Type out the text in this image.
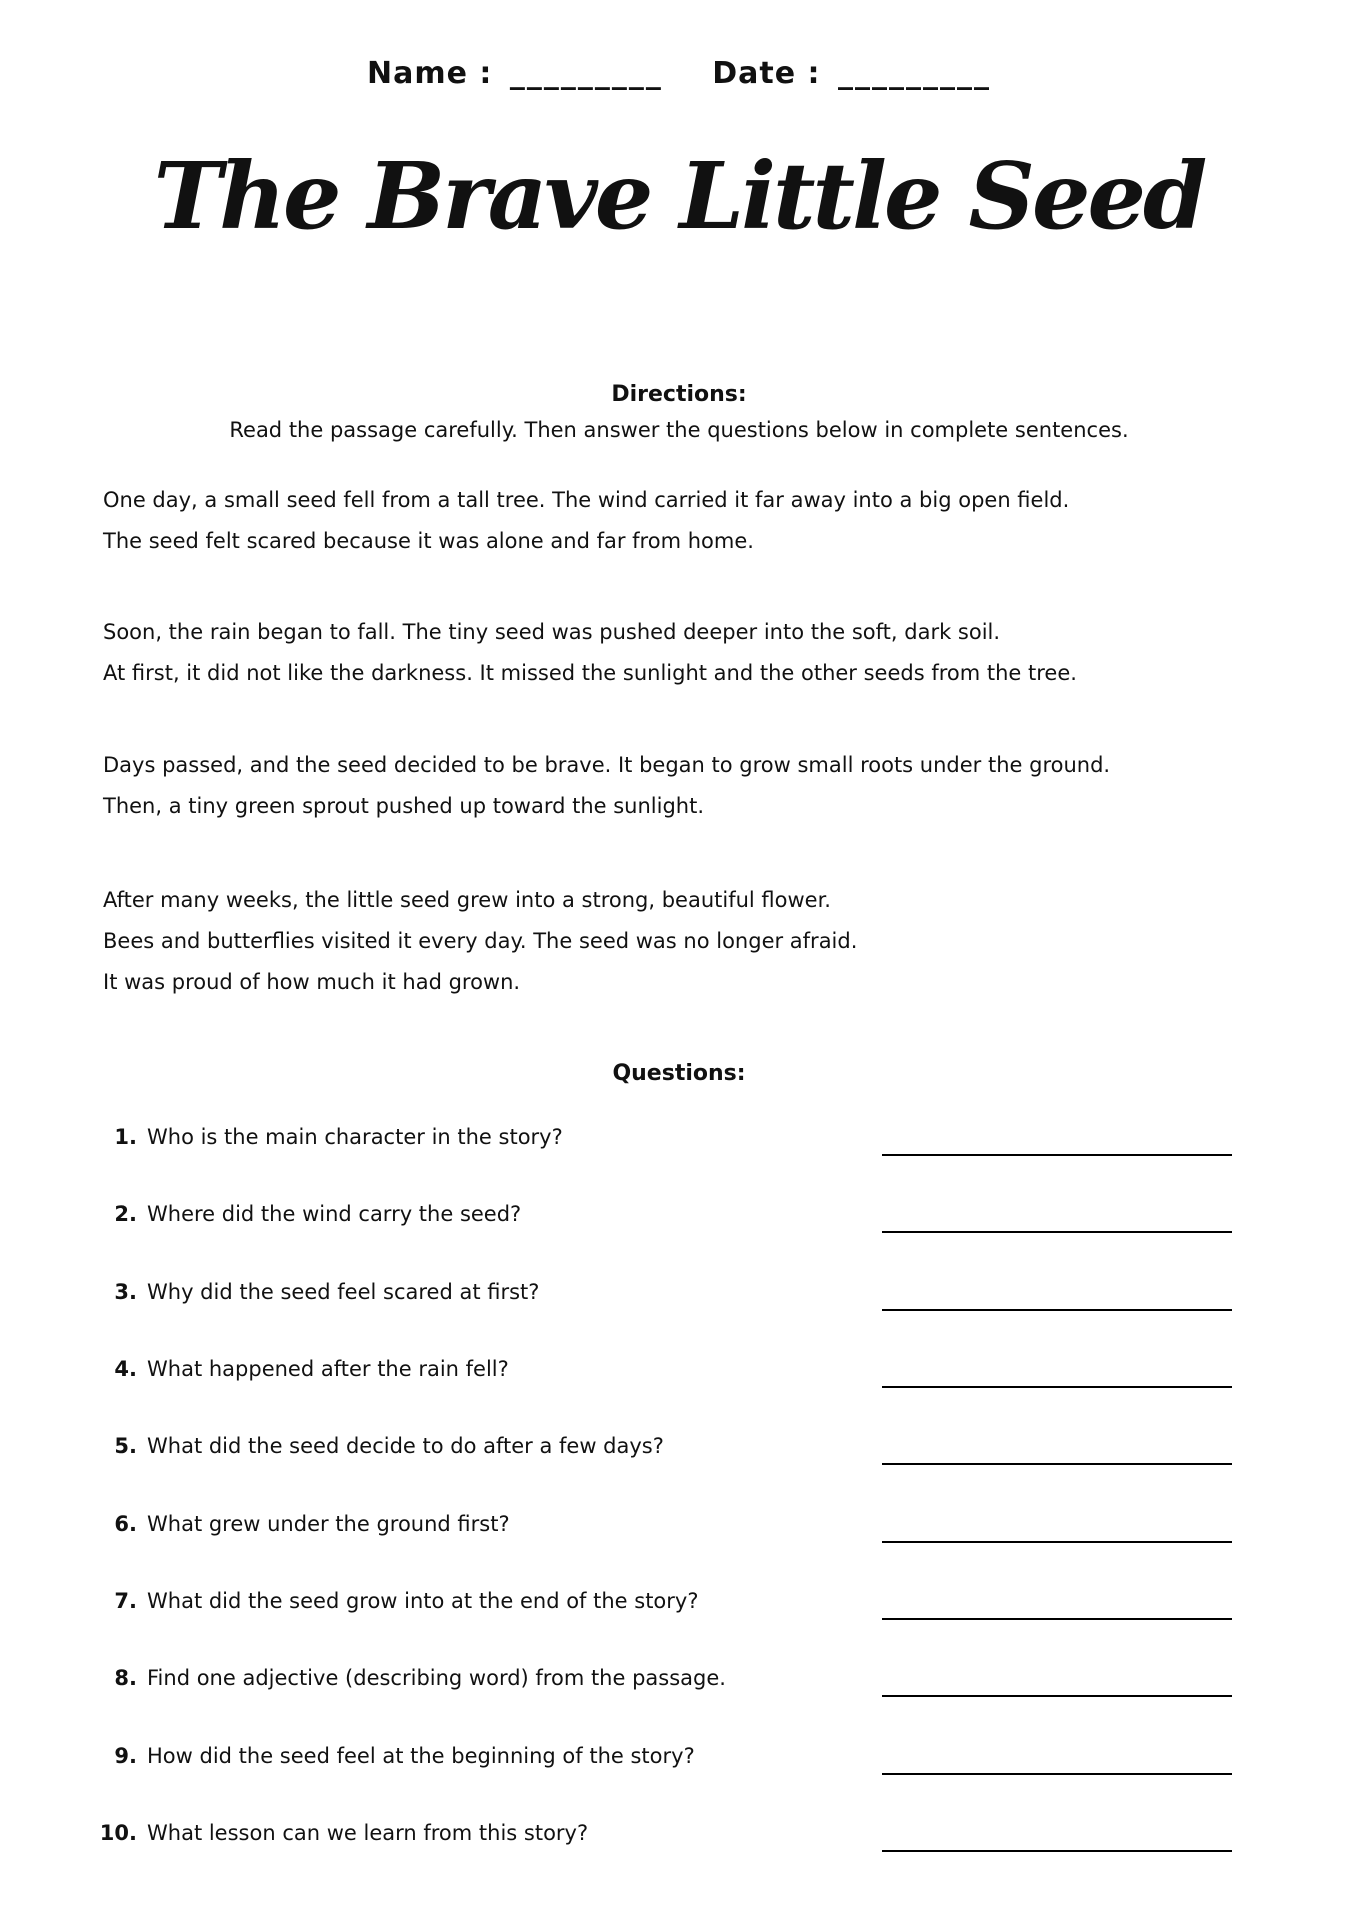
Name : _________ Date : _________
The Brave Little Seed
Directions:
Read the passage carefully. Then answer the questions below in complete sentences.
One day, a small seed fell from a tall tree. The wind carried it far away into a big open field.
The seed felt scared because it was alone and far from home.
Soon, the rain began to fall. The tiny seed was pushed deeper into the soft, dark soil.
At first, it did not like the darkness. It missed the sunlight and the other seeds from the tree.
Days passed, and the seed decided to be brave. It began to grow small roots under the ground.
Then, a tiny green sprout pushed up toward the sunlight.
After many weeks, the little seed grew into a strong, beautiful flower.
Bees and butterflies visited it every day. The seed was no longer afraid.
It was proud of how much it had grown.
Questions:
1. Who is the main character in the story?
2. Where did the wind carry the seed?
3. Why did the seed feel scared at first?
4. What happened after the rain fell?
5. What did the seed decide to do after a few days?
6. What grew under the ground first?
7. What did the seed grow into at the end of the story?
8. Find one adjective (describing word) from the passage.
9. How did the seed feel at the beginning of the story?
10. What lesson can we learn from this story?
